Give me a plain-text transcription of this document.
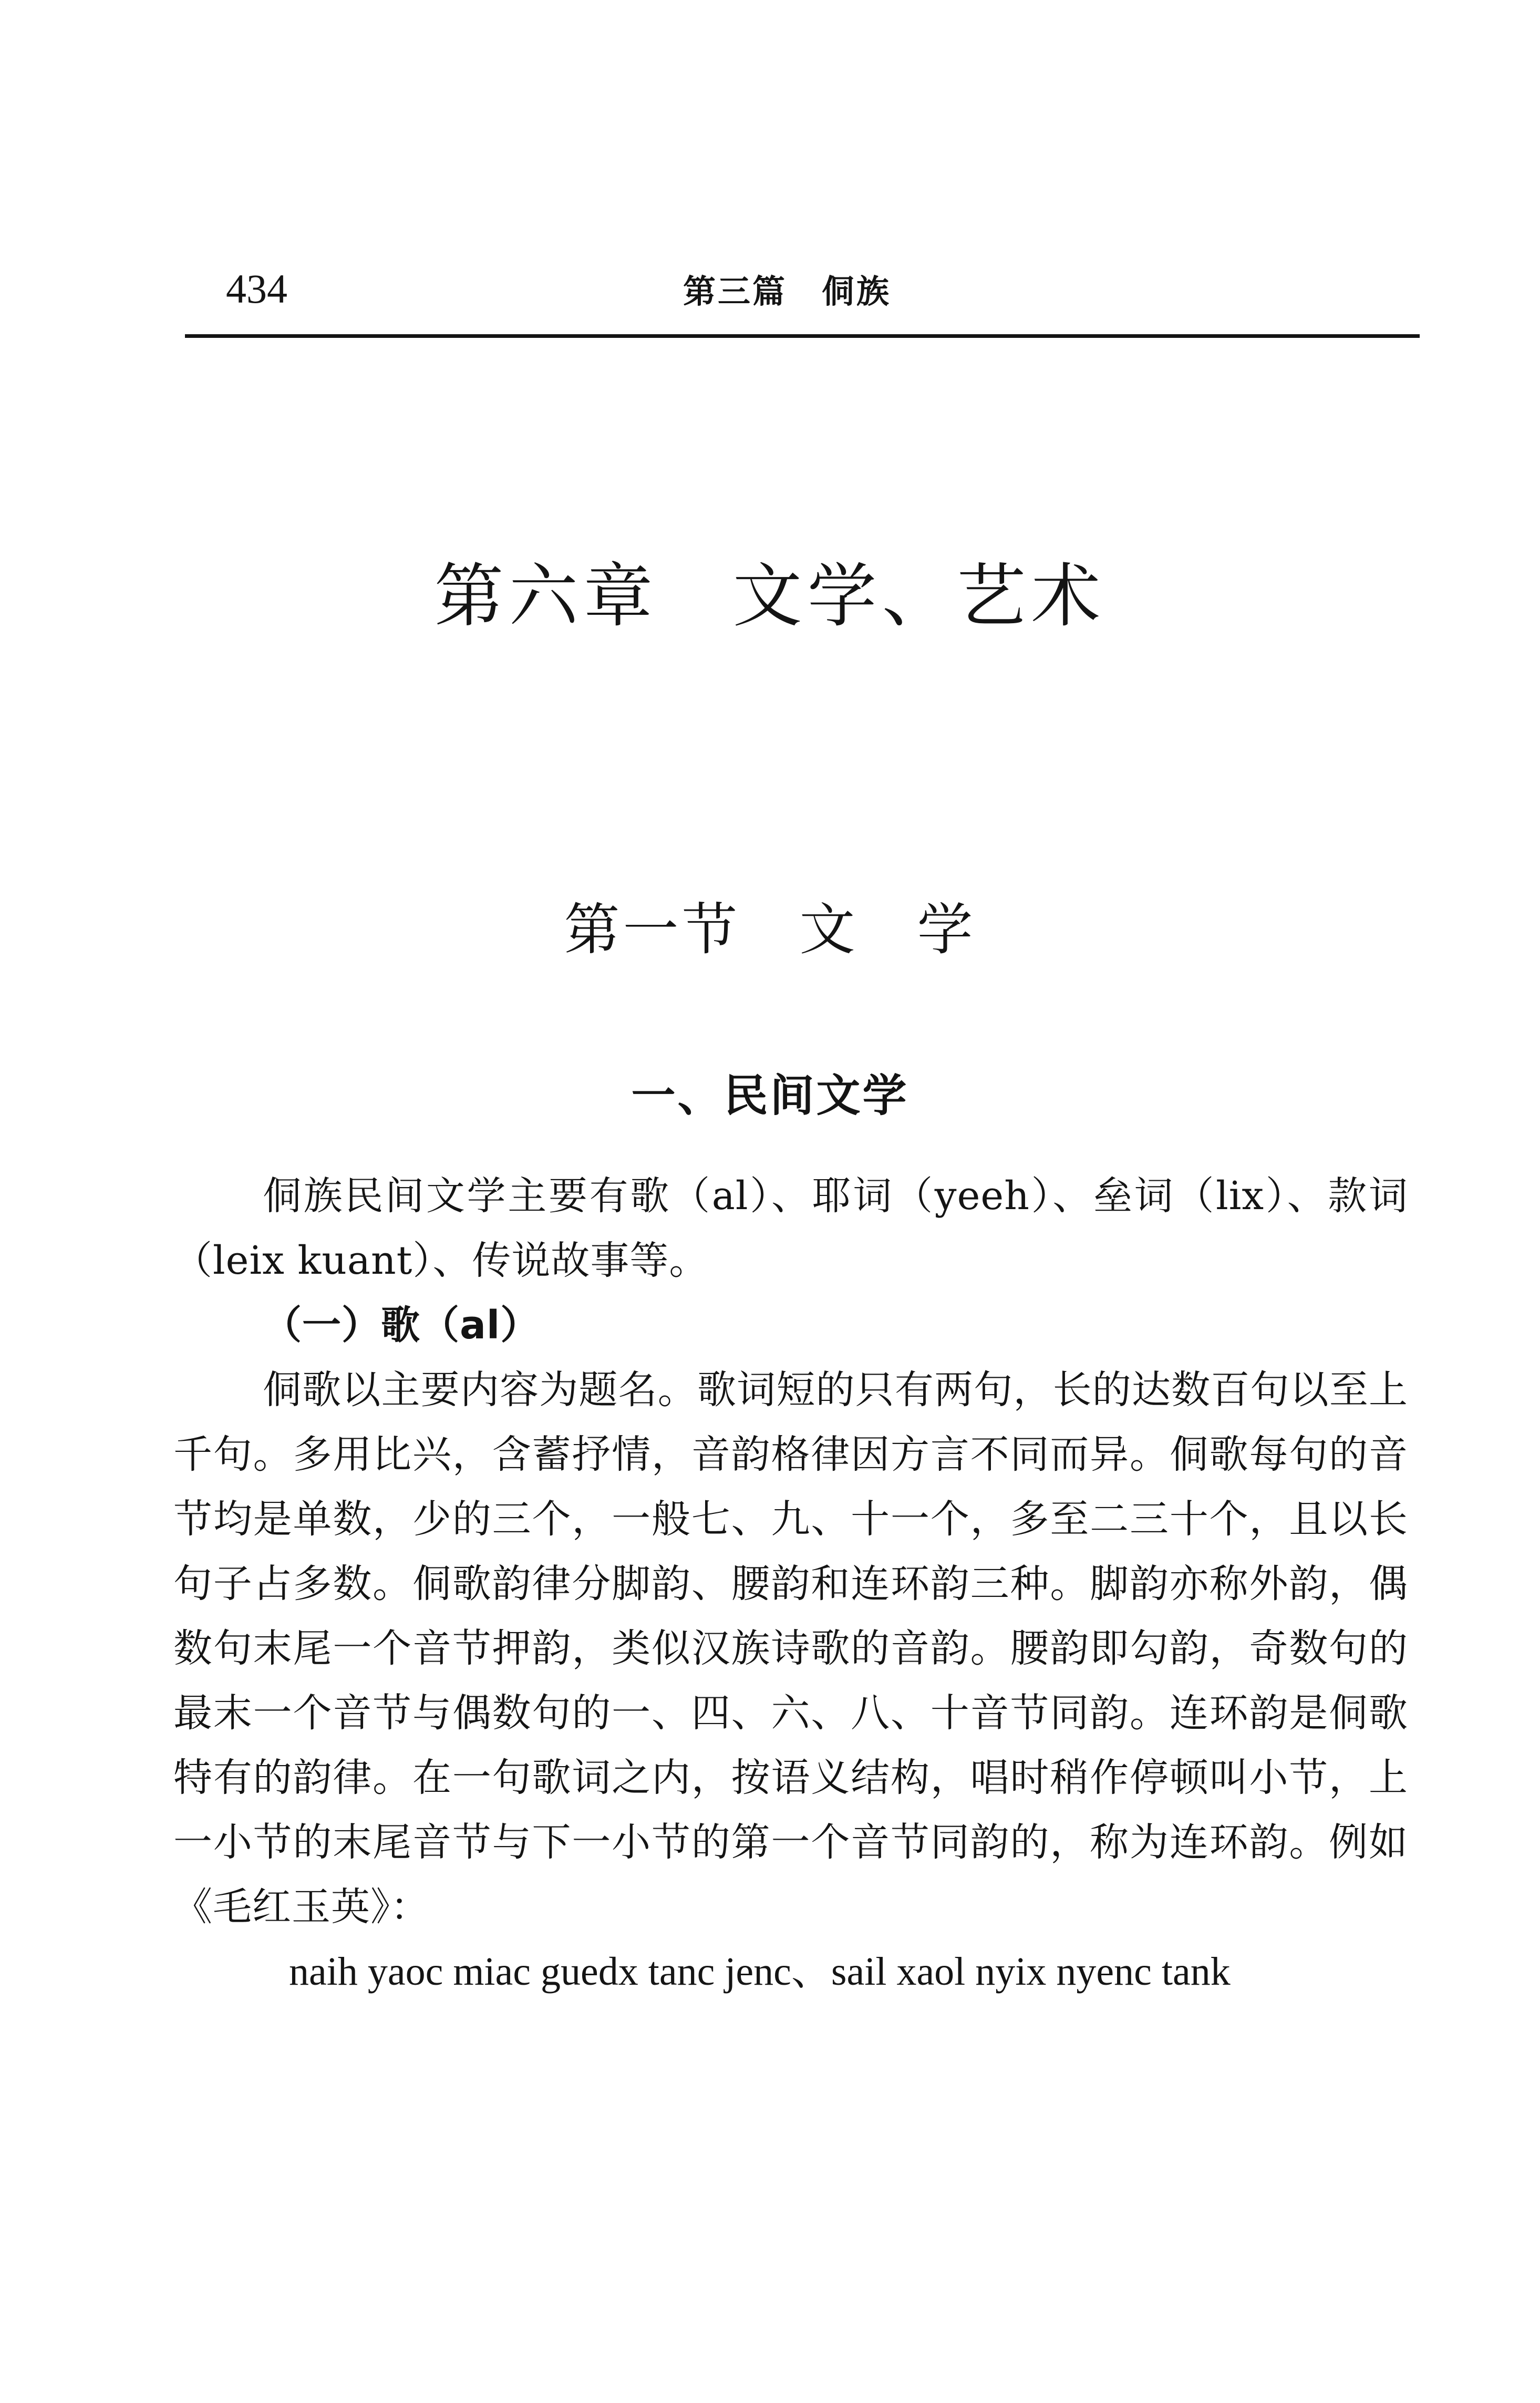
434	第三篇　侗族
第六章　文学、艺术
第一节　文　学
一、民间文学

侗族民间文学主要有歌（al）、耶词（yeeh）、垒词（lix）、款词（leix kuant）、传说故事等。

（一）歌（al）

侗歌以主要内容为题名。歌词短的只有两句，长的达数百句以至上千句。多用比兴，含蓄抒情，音韵格律因方言不同而异。侗歌每句的音节均是单数，少的三个，一般七、九、十一个，多至二三十个，且以长句子占多数。侗歌韵律分脚韵、腰韵和连环韵三种。脚韵亦称外韵，偶数句末尾一个音节押韵，类似汉族诗歌的音韵。腰韵即勾韵，奇数句的最末一个音节与偶数句的一、四、六、八、十音节同韵。连环韵是侗歌特有的韵律。在一句歌词之内，按语义结构，唱时稍作停顿叫小节，上一小节的末尾音节与下一小节的第一个音节同韵的，称为连环韵。例如《毛红玉英》：

naih yaoc miac guedx tanc jenc、sail xaol nyix nyenc tank
